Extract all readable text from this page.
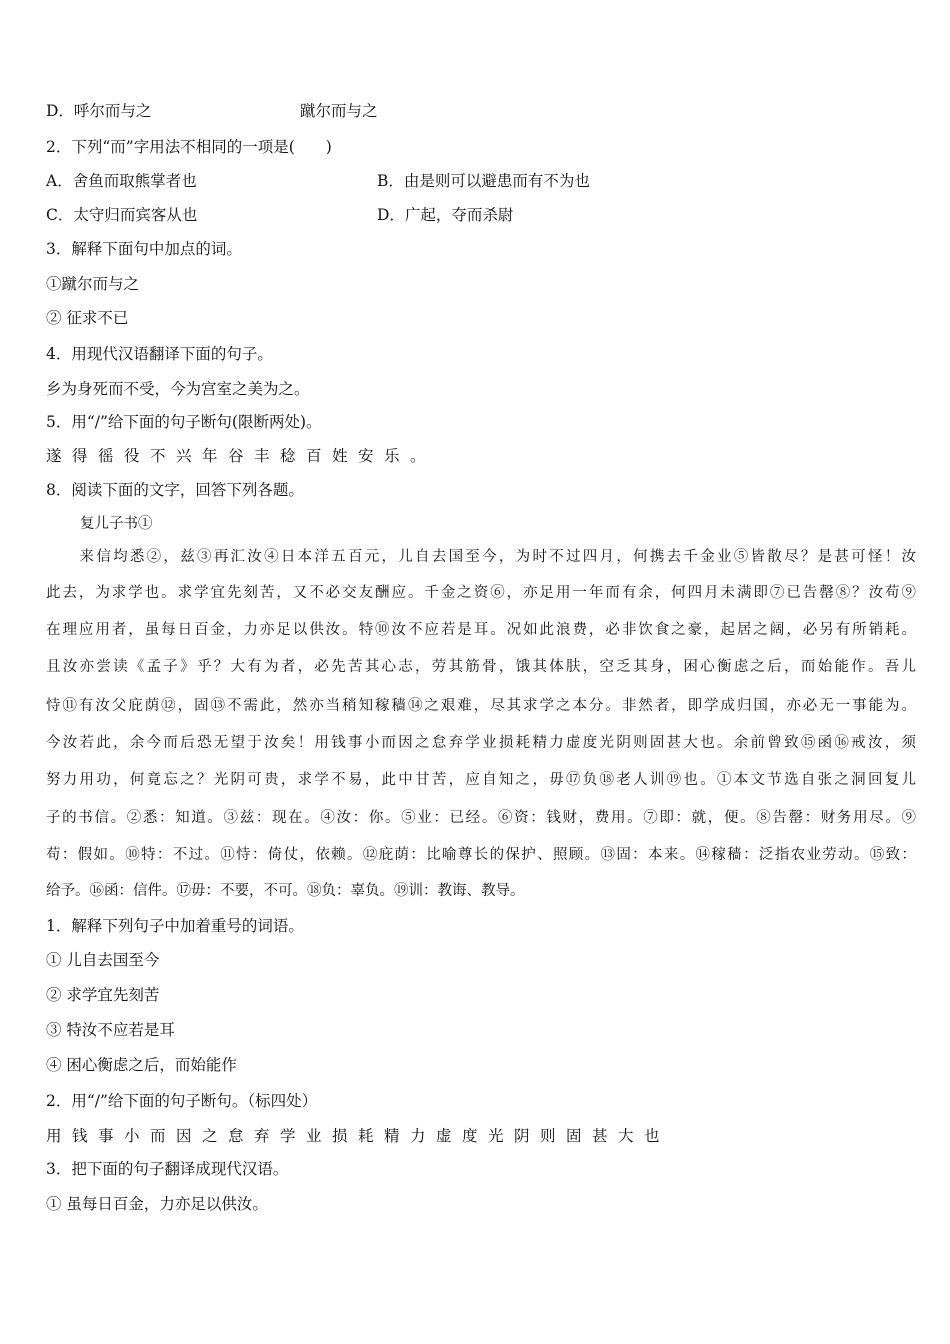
D．呼尔而与之	蹴尔而与之
2．下列“而”字用法不相同的一项是(　　)
A．舍鱼而取熊掌者也	B．由是则可以避患而有不为也
C．太守归而宾客从也	D．广起，夺而杀尉
3．解释下面句中加点的词。
①蹴尔而与之
② 征求不已
4．用现代汉语翻译下面的句子。
乡为身死而不受，今为宫室之美为之。
5．用“/”给下面的句子断句(限断两处)。
遂得徭役不兴年谷丰稔百姓安乐。
8．阅读下面的文字，回答下列各题。
复儿子书①
　　来信均悉②，兹③再汇汝④日本洋五百元，儿自去国至今，为时不过四月，何携去千金业⑤皆散尽？是甚可怪！汝
此去，为求学也。求学宜先刻苦，又不必交友酬应。千金之资⑥，亦足用一年而有余，何四月未满即⑦已告罄⑧？汝苟⑨
在理应用者，虽每日百金，力亦足以供汝。特⑩汝不应若是耳。况如此浪费，必非饮食之豪，起居之阔，必另有所销耗。
且汝亦尝读《孟子》乎？大有为者，必先苦其心志，劳其筋骨，饿其体肤，空乏其身，困心衡虑之后，而始能作。吾儿
恃⑪有汝父庇荫⑫，固⑬不需此，然亦当稍知稼穑⑭之艰难，尽其求学之本分。非然者，即学成归国，亦必无一事能为。
今汝若此，余今而后恐无望于汝矣！用钱事小而因之怠弃学业损耗精力虚度光阴则固甚大也。余前曾致⑮函⑯戒汝，须
努力用功，何竟忘之？光阴可贵，求学不易，此中甘苦，应自知之，毋⑰负⑱老人训⑲也。①本文节选自张之洞回复儿
子的书信。②悉：知道。③兹：现在。④汝：你。⑤业：已经。⑥资：钱财，费用。⑦即：就，便。⑧告罄：财务用尽。⑨
苟：假如。⑩特：不过。⑪恃：倚仗，依赖。⑫庇荫：比喻尊长的保护、照顾。⑬固：本来。⑭稼穑：泛指农业劳动。⑮致：
给予。⑯函：信件。⑰毋：不要，不可。⑱负：辜负。⑲训：教诲、教导。
1．解释下列句子中加着重号的词语。
① 儿自去国至今
② 求学宜先刻苦
③ 特汝不应若是耳
④ 困心衡虑之后，而始能作
2．用“/”给下面的句子断句。（标四处）
用钱事小而因之怠弃学业损耗精力虚度光阴则固甚大也
3．把下面的句子翻译成现代汉语。
① 虽每日百金，力亦足以供汝。
